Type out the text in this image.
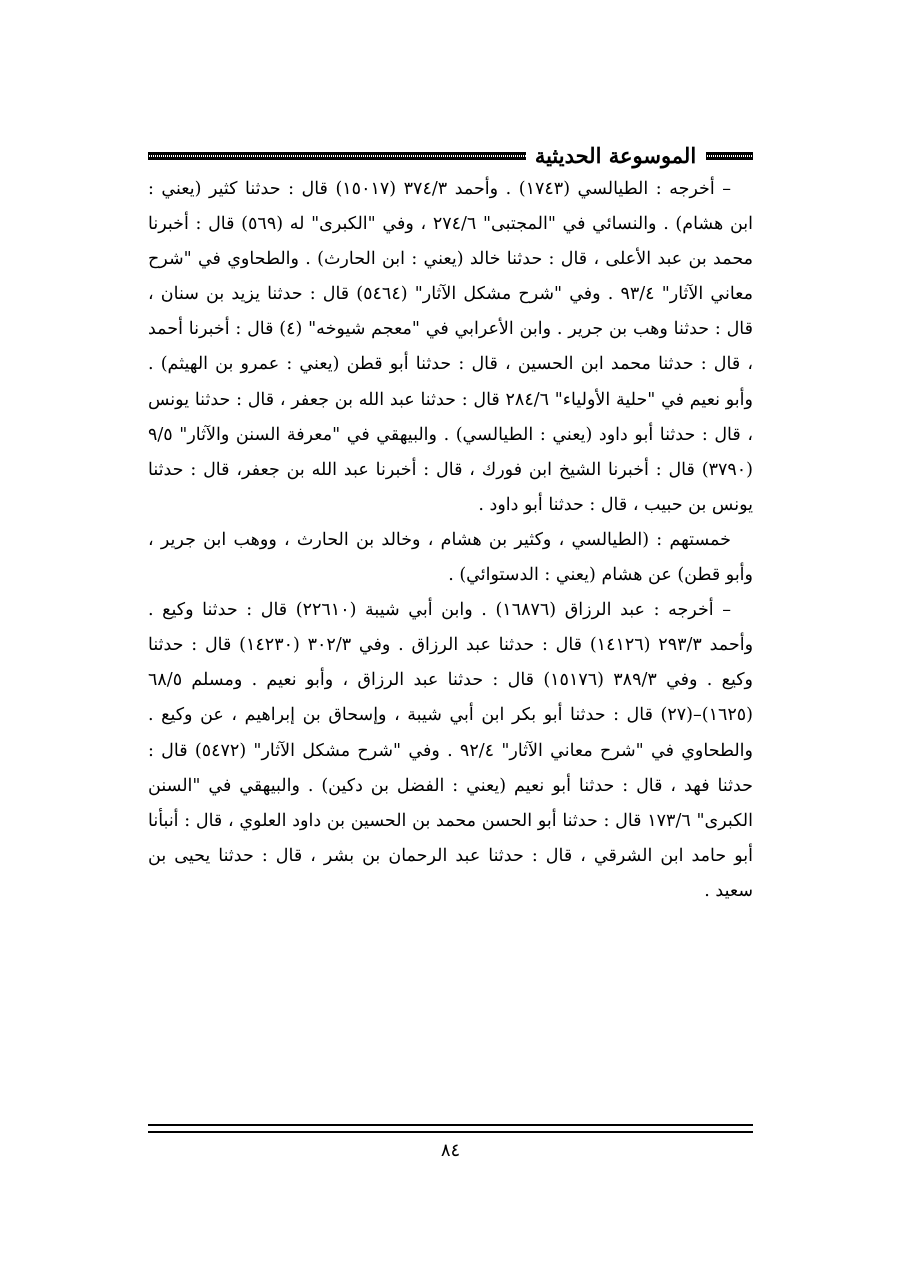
الموسوعة الحديثية

– أخرجه : الطيالسي (١٧٤٣) . وأحمد ٣٧٤/٣ (١٥٠١٧) قال : حدثنا كثير (يعني : ابن هشام) . والنسائي في "المجتبى" ٢٧٤/٦ ، وفي "الكبرى" له (٥٦٩) قال : أخبرنا محمد بن عبد الأعلى ، قال : حدثنا خالد (يعني : ابن الحارث) . والطحاوي في "شرح معاني الآثار" ٩٣/٤ . وفي "شرح مشكل الآثار" (٥٤٦٤) قال : حدثنا يزيد بن سنان ، قال : حدثنا وهب بن جرير . وابن الأعرابي في "معجم شيوخه" (٤) قال : أخبرنا أحمد ، قال : حدثنا محمد ابن الحسين ، قال : حدثنا أبو قطن (يعني : عمرو بن الهيثم) . وأبو نعيم في "حلية الأولياء" ٢٨٤/٦ قال : حدثنا عبد الله بن جعفر ، قال : حدثنا يونس ، قال : حدثنا أبو داود (يعني : الطيالسي) . والبيهقي في "معرفة السنن والآثار" ٩/٥ (٣٧٩٠) قال : أخبرنا الشيخ ابن فورك ، قال : أخبرنا عبد الله بن جعفر، قال : حدثنا يونس بن حبيب ، قال : حدثنا أبو داود .

خمستهم : (الطيالسي ، وكثير بن هشام ، وخالد بن الحارث ، ووهب ابن جرير ، وأبو قطن) عن هشام (يعني : الدستوائي) .

– أخرجه : عبد الرزاق (١٦٨٧٦) . وابن أبي شيبة (٢٢٦١٠) قال : حدثنا وكيع . وأحمد ٢٩٣/٣ (١٤١٢٦) قال : حدثنا عبد الرزاق . وفي ٣٠٢/٣ (١٤٢٣٠) قال : حدثنا وكيع . وفي ٣٨٩/٣ (١٥١٧٦) قال : حدثنا عبد الرزاق ، وأبو نعيم . ومسلم ٦٨/٥ (١٦٢٥)–(٢٧) قال : حدثنا أبو بكر ابن أبي شيبة ، وإسحاق بن إبراهيم ، عن وكيع . والطحاوي في "شرح معاني الآثار" ٩٢/٤ . وفي "شرح مشكل الآثار" (٥٤٧٢) قال : حدثنا فهد ، قال : حدثنا أبو نعيم (يعني : الفضل بن دكين) . والبيهقي في "السنن الكبرى" ١٧٣/٦ قال : حدثنا أبو الحسن محمد بن الحسين بن داود العلوي ، قال : أنبأنا أبو حامد ابن الشرقي ، قال : حدثنا عبد الرحمان بن بشر ، قال : حدثنا يحيى بن سعيد .

٨٤
